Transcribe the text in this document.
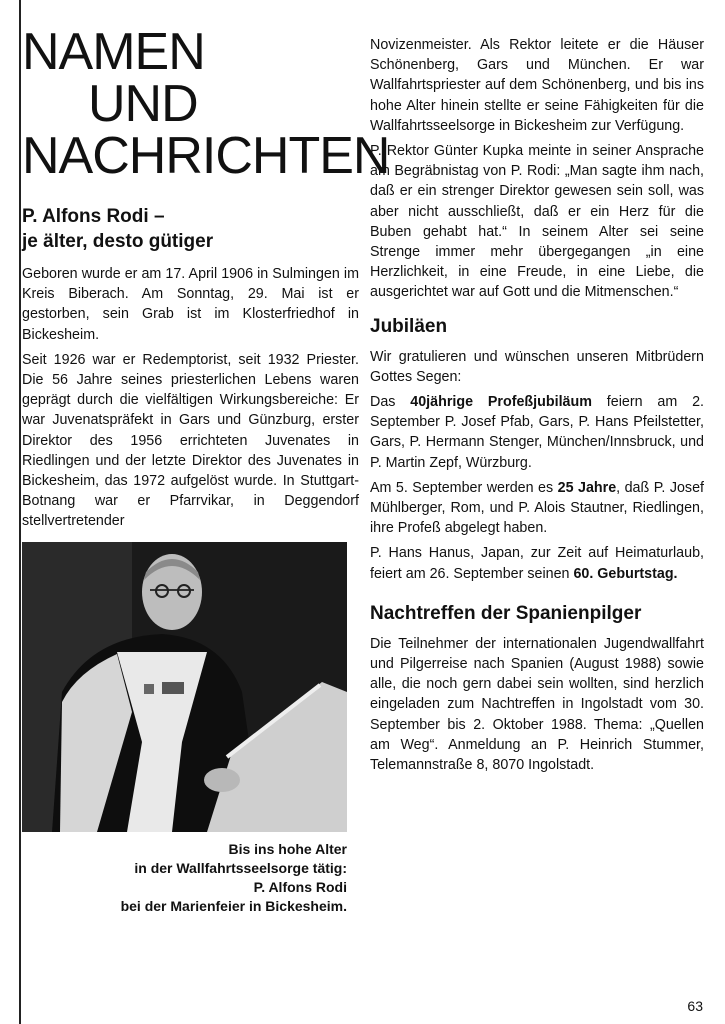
NAMEN
UND
NACHRICHTEN
P. Alfons Rodi –
je älter, desto gütiger

Geboren wurde er am 17. April 1906 in Sulmingen im Kreis Biberach. Am Sonntag, 29. Mai ist er gestorben, sein Grab ist im Klosterfriedhof in Bickesheim.

Seit 1926 war er Redemptorist, seit 1932 Priester. Die 56 Jahre seines priesterlichen Lebens waren geprägt durch die vielfältigen Wirkungsbereiche: Er war Juvenatspräfekt in Gars und Günzburg, erster Direktor des 1956 errichteten Juvenates in Riedlingen und der letzte Direktor des Juvenates in Bickesheim, das 1972 aufgelöst wurde. In Stuttgart-Botnang war er Pfarrvikar, in Deggendorf stellvertretender

Bis ins hohe Alter
in der Wallfahrtsseelsorge tätig:
P. Alfons Rodi
bei der Marienfeier in Bickesheim.

Novizenmeister. Als Rektor leitete er die Häuser Schönenberg, Gars und München. Er war Wallfahrtspriester auf dem Schönenberg, und bis ins hohe Alter hinein stellte er seine Fähigkeiten für die Wallfahrtsseelsorge in Bickesheim zur Verfügung.

P. Rektor Günter Kupka meinte in seiner Ansprache am Begräbnistag von P. Rodi: „Man sagte ihm nach, daß er ein strenger Direktor gewesen sein soll, was aber nicht ausschließt, daß er ein Herz für die Buben gehabt hat.“ In seinem Alter sei seine Strenge immer mehr übergegangen „in eine Herzlichkeit, in eine Freude, in eine Liebe, die ausgerichtet war auf Gott und die Mitmenschen.“

Jubiläen

Wir gratulieren und wünschen unseren Mitbrüdern Gottes Segen:

Das 40jährige Profeßjubiläum feiern am 2. September P. Josef Pfab, Gars, P. Hans Pfeilstetter, Gars, P. Hermann Stenger, München/Innsbruck, und P. Martin Zepf, Würzburg.

Am 5. September werden es 25 Jahre, daß P. Josef Mühlberger, Rom, und P. Alois Stautner, Riedlingen, ihre Profeß abgelegt haben.

P. Hans Hanus, Japan, zur Zeit auf Heimaturlaub, feiert am 26. September seinen 60. Geburtstag.

Nachtreffen der Spanienpilger

Die Teilnehmer der internationalen Jugendwallfahrt und Pilgerreise nach Spanien (August 1988) sowie alle, die noch gern dabei sein wollten, sind herzlich eingeladen zum Nachtreffen in Ingolstadt vom 30. September bis 2. Oktober 1988. Thema: „Quellen am Weg“. Anmeldung an P. Heinrich Stummer, Telemannstraße 8, 8070 Ingolstadt.

63
